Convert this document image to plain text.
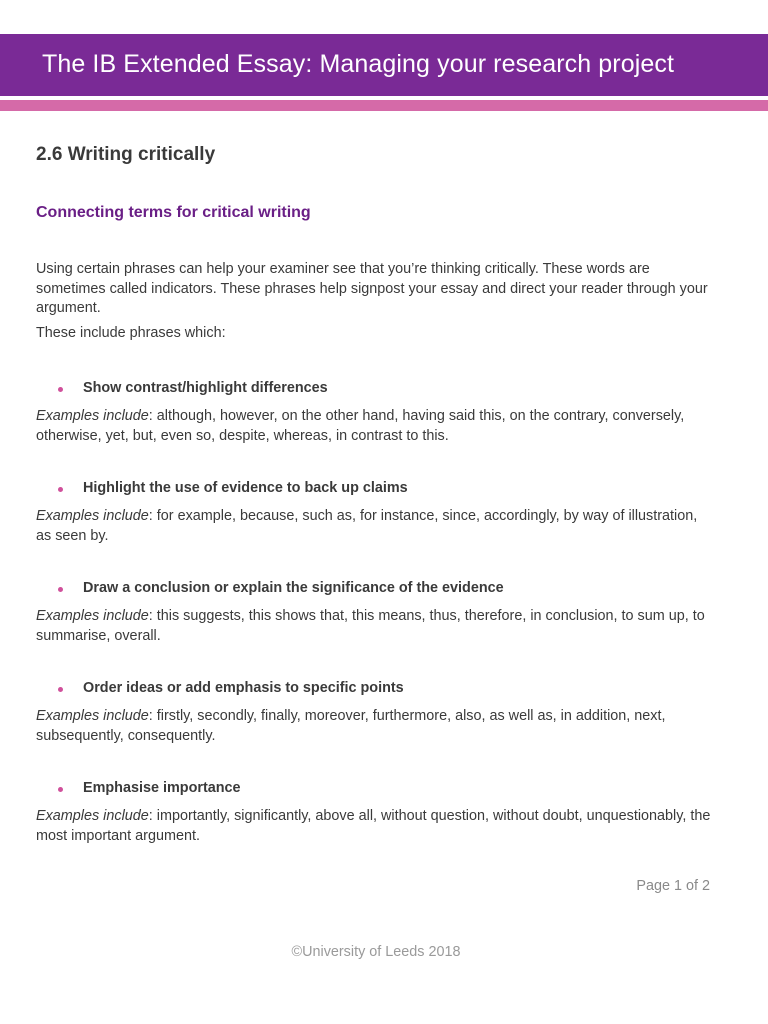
The IB Extended Essay: Managing your research project
2.6 Writing critically
Connecting terms for critical writing
Using certain phrases can help your examiner see that you’re thinking critically. These words are sometimes called indicators. These phrases help signpost your essay and direct your reader through your argument.
These include phrases which:
Show contrast/highlight differences
Examples include: although, however, on the other hand, having said this, on the contrary, conversely, otherwise, yet, but, even so, despite, whereas, in contrast to this.
Highlight the use of evidence to back up claims
Examples include: for example, because, such as, for instance, since, accordingly, by way of illustration, as seen by.
Draw a conclusion or explain the significance of the evidence
Examples include: this suggests, this shows that, this means, thus, therefore, in conclusion, to sum up, to summarise, overall.
Order ideas or add emphasis to specific points
Examples include: firstly, secondly, finally, moreover, furthermore, also, as well as, in addition, next, subsequently, consequently.
Emphasise importance
Examples include: importantly, significantly, above all, without question, without doubt, unquestionably, the most important argument.
Page 1 of 2
©University of Leeds 2018
